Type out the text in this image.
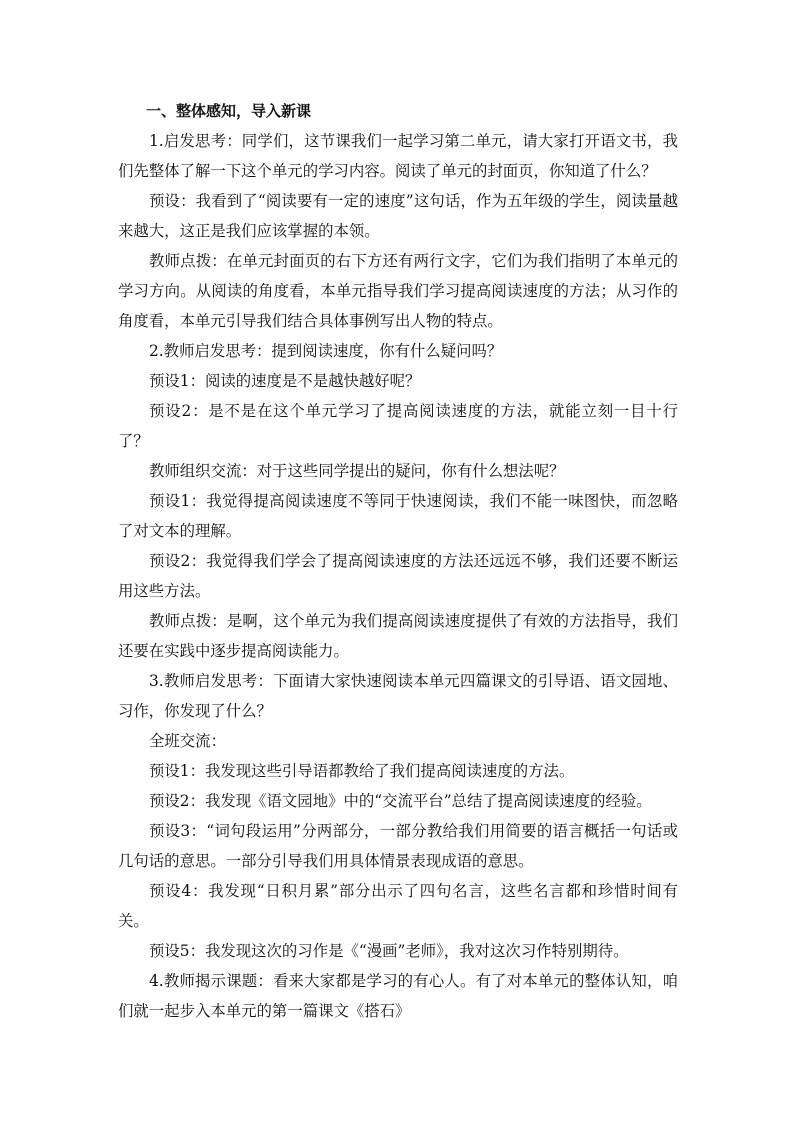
一、整体感知，导入新课

1.启发思考：同学们，这节课我们一起学习第二单元，请大家打开语文书，我们先整体了解一下这个单元的学习内容。阅读了单元的封面页，你知道了什么？

预设：我看到了“阅读要有一定的速度”这句话，作为五年级的学生，阅读量越来越大，这正是我们应该掌握的本领。

教师点拨：在单元封面页的右下方还有两行文字，它们为我们指明了本单元的学习方向。从阅读的角度看，本单元指导我们学习提高阅读速度的方法；从习作的角度看，本单元引导我们结合具体事例写出人物的特点。

2.教师启发思考：提到阅读速度，你有什么疑问吗？

预设1：阅读的速度是不是越快越好呢？

预设2：是不是在这个单元学习了提高阅读速度的方法，就能立刻一目十行了？

教师组织交流：对于这些同学提出的疑问，你有什么想法呢？

预设1：我觉得提高阅读速度不等同于快速阅读，我们不能一味图快，而忽略了对文本的理解。

预设2：我觉得我们学会了提高阅读速度的方法还远远不够，我们还要不断运用这些方法。

教师点拨：是啊，这个单元为我们提高阅读速度提供了有效的方法指导，我们还要在实践中逐步提高阅读能力。

3.教师启发思考：下面请大家快速阅读本单元四篇课文的引导语、语文园地、习作，你发现了什么？

全班交流：

预设1：我发现这些引导语都教给了我们提高阅读速度的方法。

预设2：我发现《语文园地》中的“交流平台”总结了提高阅读速度的经验。

预设3：“词句段运用”分两部分，一部分教给我们用简要的语言概括一句话或几句话的意思。一部分引导我们用具体情景表现成语的意思。

预设4：我发现“日积月累”部分出示了四句名言，这些名言都和珍惜时间有关。

预设5：我发现这次的习作是《“漫画”老师》，我对这次习作特别期待。

4.教师揭示课题：看来大家都是学习的有心人。有了对本单元的整体认知，咱们就一起步入本单元的第一篇课文《搭石》
